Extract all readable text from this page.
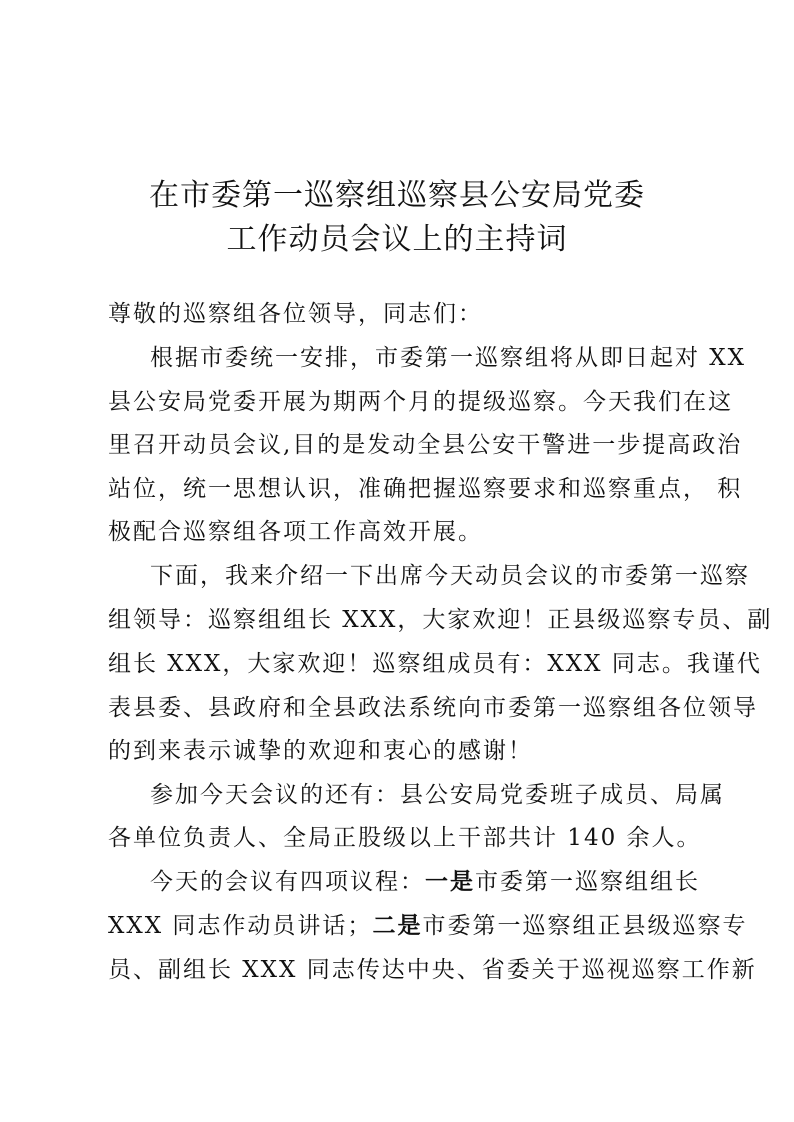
在市委第一巡察组巡察县公安局党委
工作动员会议上的主持词
尊敬的巡察组各位领导，同志们：
根据市委统一安排，市委第一巡察组将从即日起对 XX
县公安局党委开展为期两个月的提级巡察。今天我们在这
里召开动员会议,目的是发动全县公安干警进一步提高政治
站位，统一思想认识，准确把握巡察要求和巡察重点， 积
极配合巡察组各项工作高效开展。
下面，我来介绍一下出席今天动员会议的市委第一巡察
组领导：巡察组组长 XXX，大家欢迎！正县级巡察专员、副
组长 XXX，大家欢迎！巡察组成员有：XXX 同志。我谨代
表县委、县政府和全县政法系统向市委第一巡察组各位领导
的到来表示诚挚的欢迎和衷心的感谢！
参加今天会议的还有：县公安局党委班子成员、局属
各单位负责人、全局正股级以上干部共计 140 余人。
今天的会议有四项议程：一是市委第一巡察组组长
XXX 同志作动员讲话；二是市委第一巡察组正县级巡察专
员、副组长 XXX 同志传达中央、省委关于巡视巡察工作新
